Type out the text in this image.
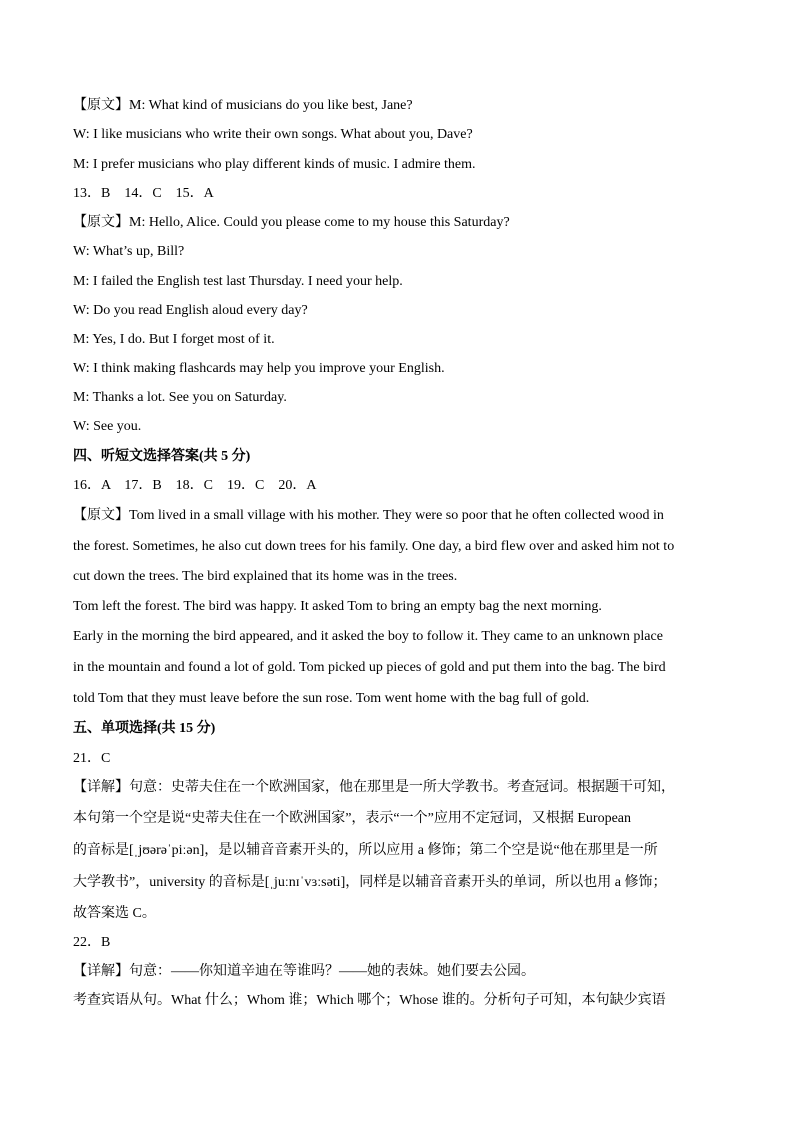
【原文】M: What kind of musicians do you like best, Jane?
W: I like musicians who write their own songs. What about you, Dave?
M: I prefer musicians who play different kinds of music. I admire them.
13．B　14．C　15．A
【原文】M: Hello, Alice. Could you please come to my house this Saturday?
W: What’s up, Bill?
M: I failed the English test last Thursday. I need your help.
W: Do you read English aloud every day?
M: Yes, I do. But I forget most of it.
W: I think making flashcards may help you improve your English.
M: Thanks a lot. See you on Saturday.
W: See you.
四、听短文选择答案(共 5 分)
16．A　17．B　18．C　19．C　20．A
【原文】Tom lived in a small village with his mother. They were so poor that he often collected wood in
the forest. Sometimes, he also cut down trees for his family. One day, a bird flew over and asked him not to
cut down the trees. The bird explained that its home was in the trees.
Tom left the forest. The bird was happy. It asked Tom to bring an empty bag the next morning.
Early in the morning the bird appeared, and it asked the boy to follow it. They came to an unknown place
in the mountain and found a lot of gold. Tom picked up pieces of gold and put them into the bag. The bird
told Tom that they must leave before the sun rose. Tom went home with the bag full of gold.
五、单项选择(共 15 分)
21．C
【详解】句意：史蒂夫住在一个欧洲国家，他在那里是一所大学教书。考查冠词。根据题干可知，
本句第一个空是说“史蒂夫住在一个欧洲国家”，表示“一个”应用不定冠词，又根据 European
的音标是[ˌjʊərəˈpiːən]，是以辅音音素开头的，所以应用 a 修饰；第二个空是说“他在那里是一所
大学教书”，university 的音标是[ˌjuːnɪˈvɜːsəti]，同样是以辅音音素开头的单词，所以也用 a 修饰；
故答案选 C。
22．B
【详解】句意：——你知道辛迪在等谁吗？——她的表妹。她们要去公园。
考查宾语从句。What 什么；Whom 谁；Which 哪个；Whose 谁的。分析句子可知，本句缺少宾语
